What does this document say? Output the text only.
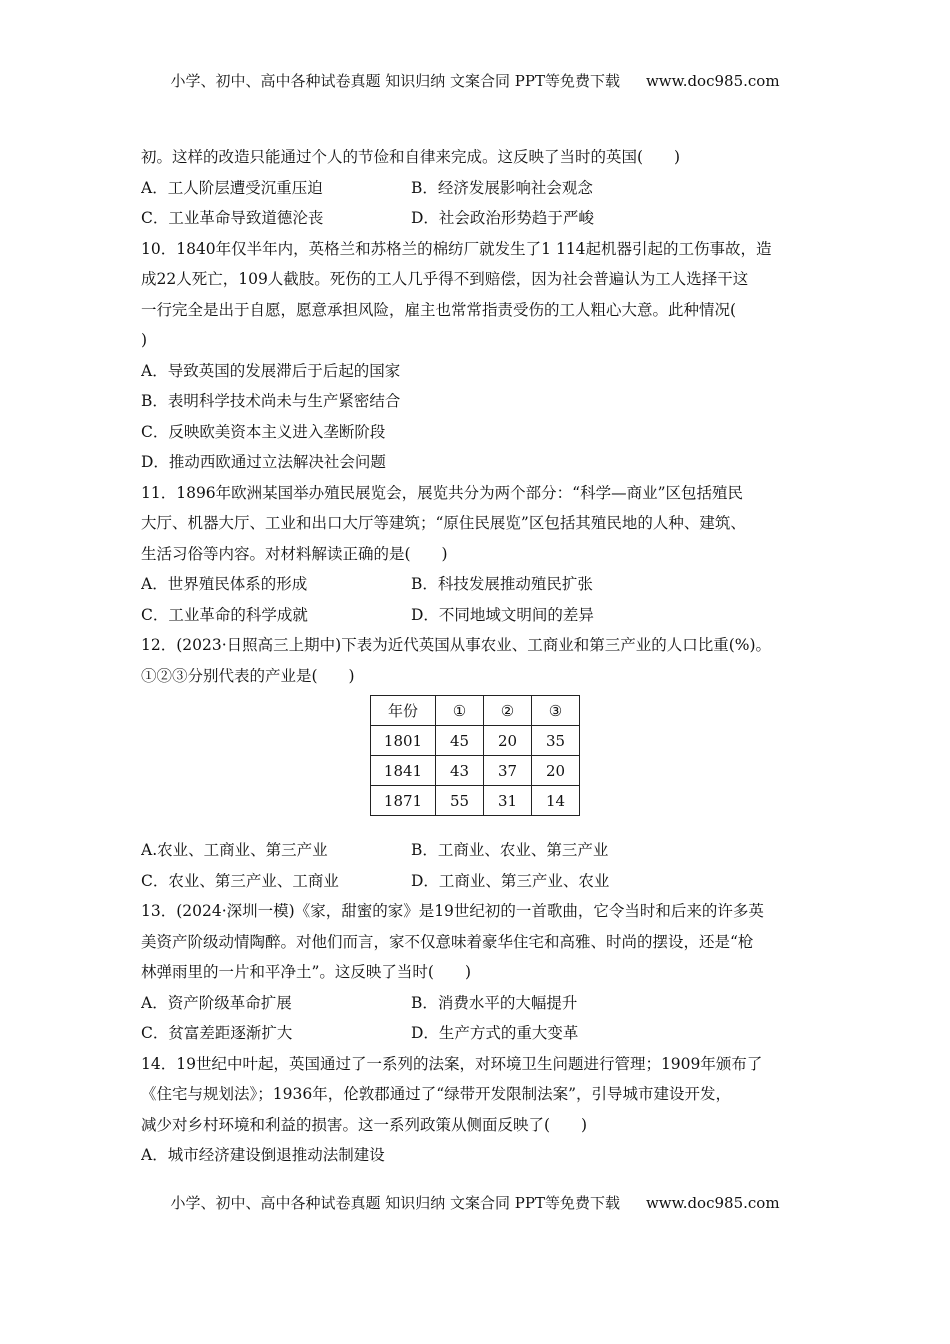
小学、初中、高中各种试卷真题 知识归纳 文案合同 PPT等免费下载 www.doc985.com
初。这样的改造只能通过个人的节俭和自律来完成。这反映了当时的英国(　　)
A．工人阶层遭受沉重压迫	B．经济发展影响社会观念
C．工业革命导致道德沦丧	D．社会政治形势趋于严峻
10．1840年仅半年内，英格兰和苏格兰的棉纺厂就发生了1 114起机器引起的工伤事故，造
成22人死亡，109人截肢。死伤的工人几乎得不到赔偿，因为社会普遍认为工人选择干这
一行完全是出于自愿，愿意承担风险，雇主也常常指责受伤的工人粗心大意。此种情况(
)
A．导致英国的发展滞后于后起的国家
B．表明科学技术尚未与生产紧密结合
C．反映欧美资本主义进入垄断阶段
D．推动西欧通过立法解决社会问题
11．1896年欧洲某国举办殖民展览会，展览共分为两个部分：“科学—商业”区包括殖民
大厅、机器大厅、工业和出口大厅等建筑；“原住民展览”区包括其殖民地的人种、建筑、
生活习俗等内容。对材料解读正确的是(　　)
A．世界殖民体系的形成	B．科技发展推动殖民扩张
C．工业革命的科学成就	D．不同地域文明间的差异
12．(2023·日照高三上期中)下表为近代英国从事农业、工商业和第三产业的人口比重(%)。
①②③分别代表的产业是(　　)
年份	①	②	③
1801	45	20	35
1841	43	37	20
1871	55	31	14
A.农业、工商业、第三产业	B．工商业、农业、第三产业
C．农业、第三产业、工商业	D．工商业、第三产业、农业
13．(2024·深圳一模)《家，甜蜜的家》是19世纪初的一首歌曲，它令当时和后来的许多英
美资产阶级动情陶醉。对他们而言，家不仅意味着豪华住宅和高雅、时尚的摆设，还是“枪
林弹雨里的一片和平净土”。这反映了当时(　　)
A．资产阶级革命扩展	B．消费水平的大幅提升
C．贫富差距逐渐扩大	D．生产方式的重大变革
14．19世纪中叶起，英国通过了一系列的法案，对环境卫生问题进行管理；1909年颁布了
《住宅与规划法》；1936年，伦敦郡通过了“绿带开发限制法案”，引导城市建设开发，
减少对乡村环境和利益的损害。这一系列政策从侧面反映了(　　)
A．城市经济建设倒退推动法制建设
小学、初中、高中各种试卷真题 知识归纳 文案合同 PPT等免费下载 www.doc985.com
